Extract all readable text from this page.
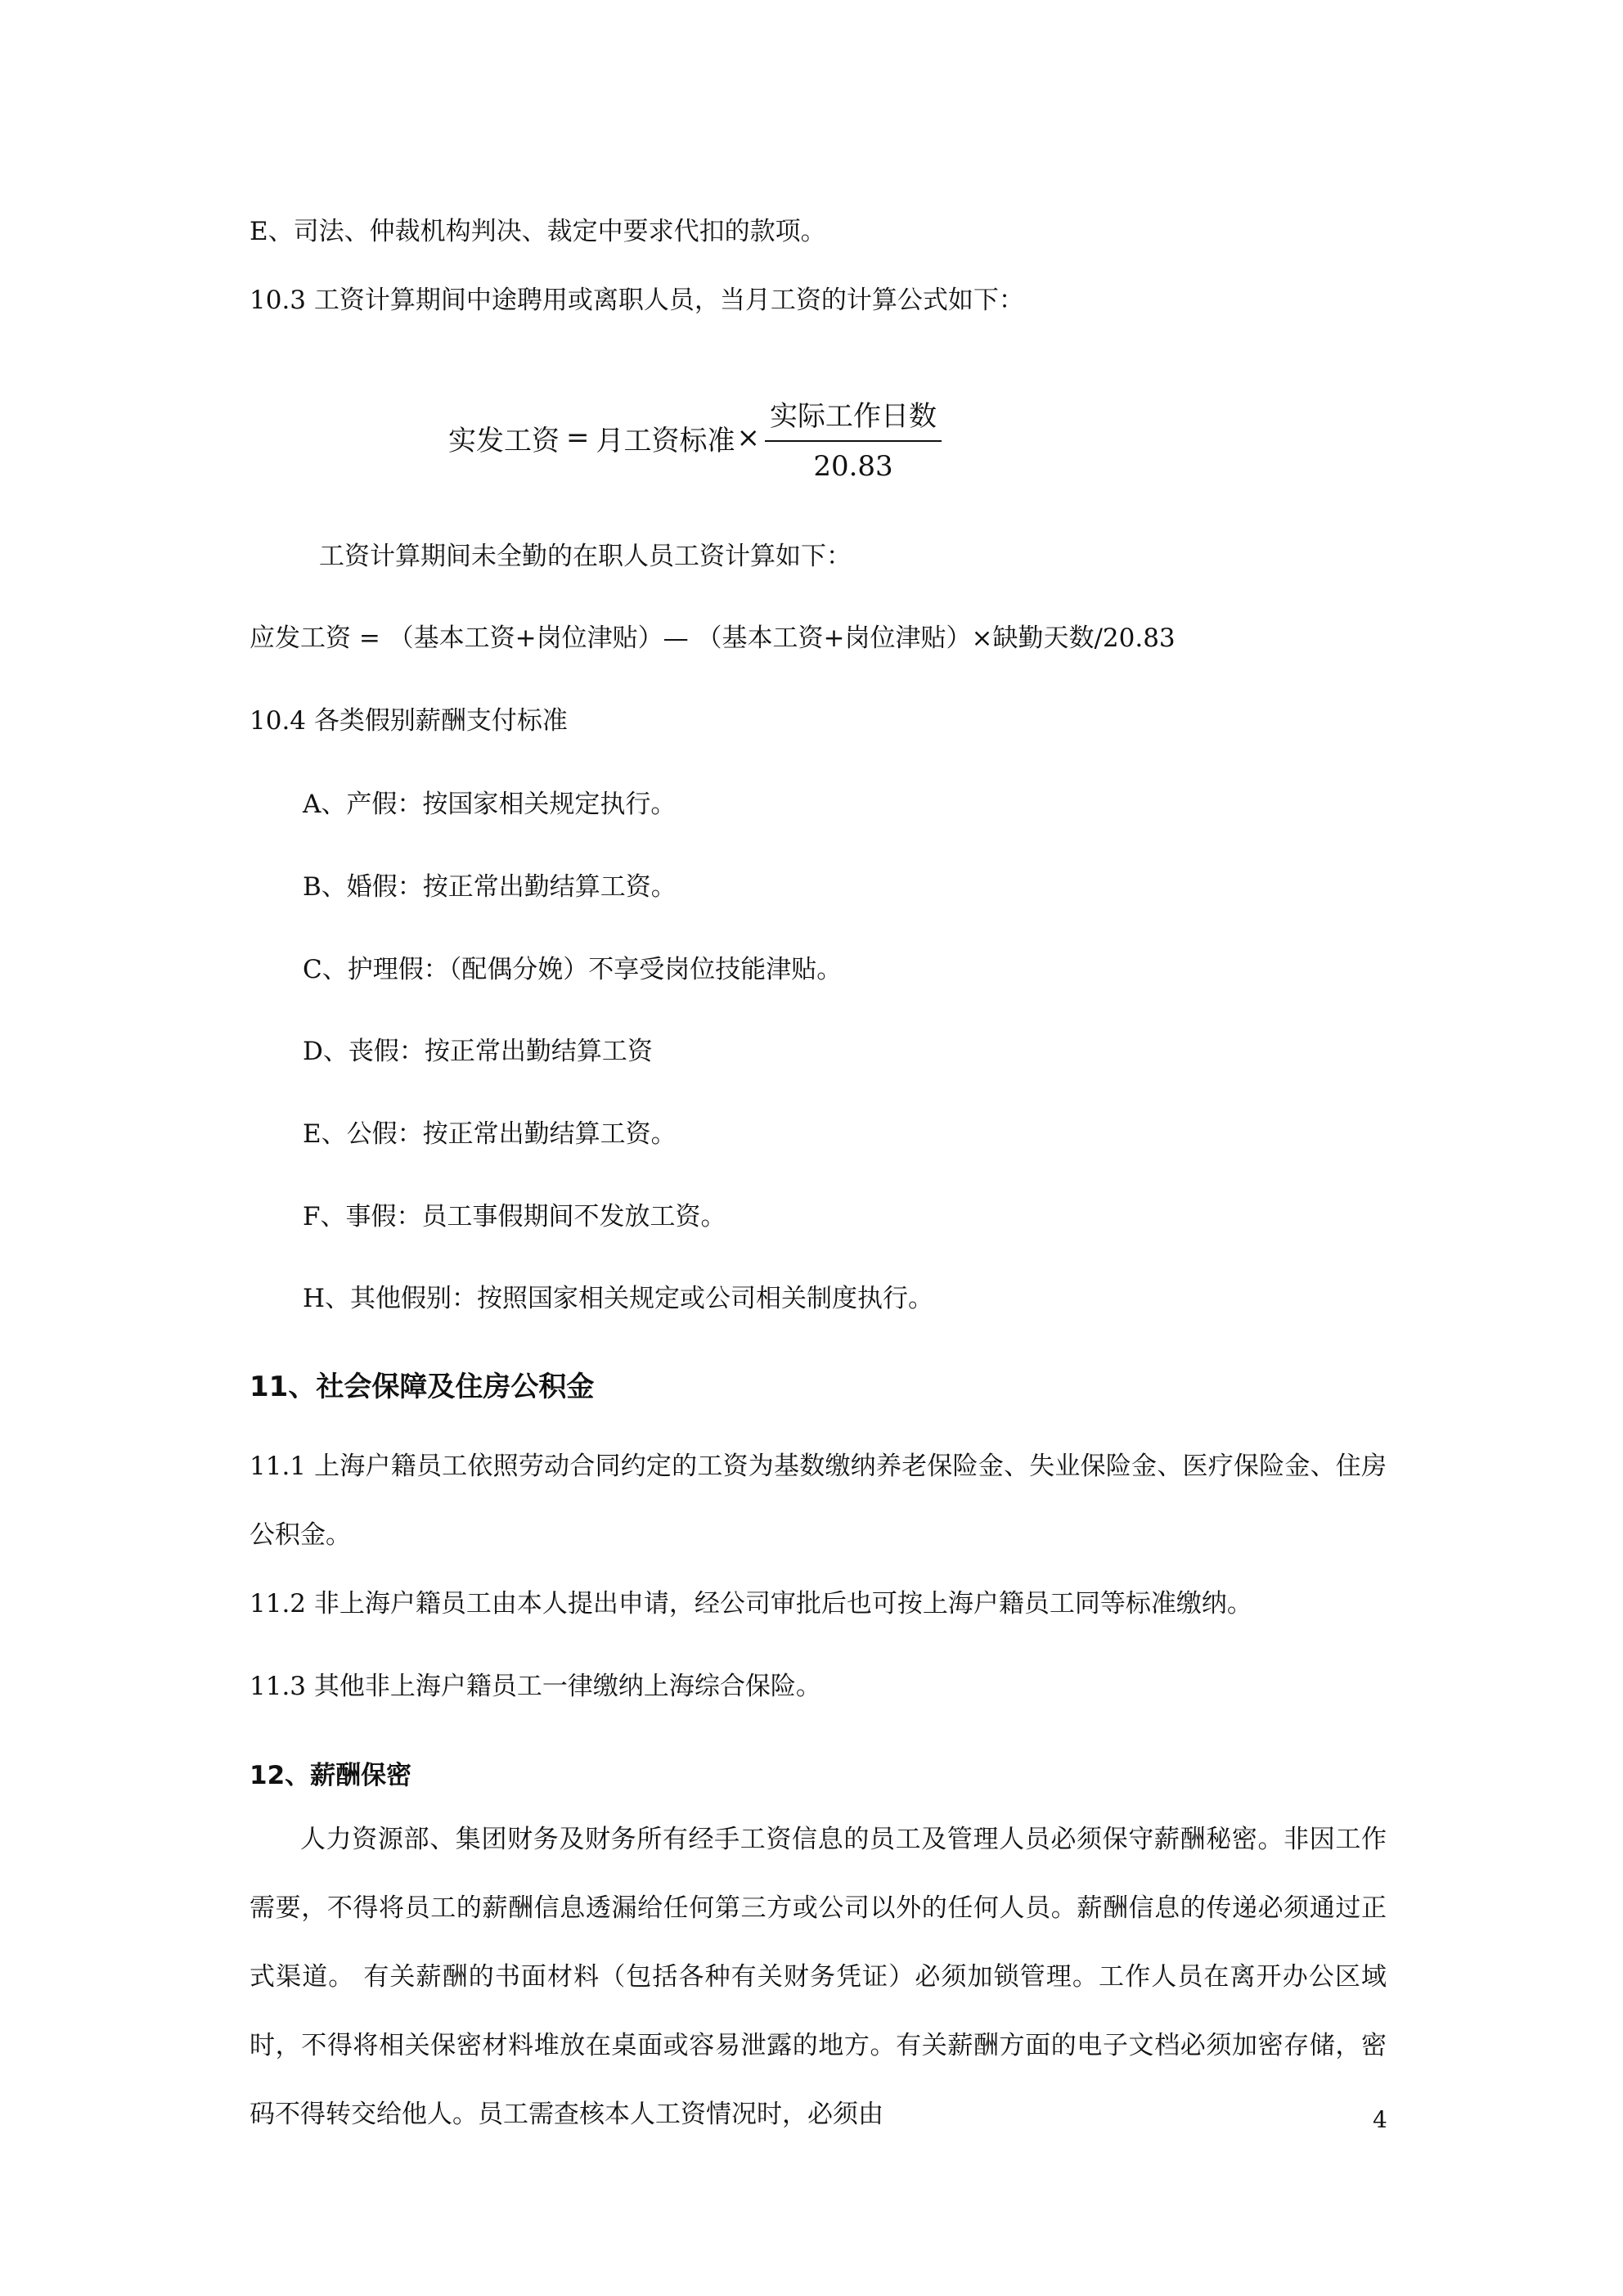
E、司法、仲裁机构判决、裁定中要求代扣的款项。
10.3 工资计算期间中途聘用或离职人员，当月工资的计算公式如下：
实发工资 = 月工资标准 × $\frac{\text{实际工作日数}}{20.83}$
工资计算期间未全勤的在职人员工资计算如下：
应发工资 = （基本工资+岗位津贴）— （基本工资+岗位津贴）×缺勤天数/20.83
10.4 各类假别薪酬支付标准
A、产假：按国家相关规定执行。
B、婚假：按正常出勤结算工资。
C、护理假：（配偶分娩）不享受岗位技能津贴。
D、丧假：按正常出勤结算工资
E、公假：按正常出勤结算工资。
F、事假：员工事假期间不发放工资。
H、其他假别：按照国家相关规定或公司相关制度执行。
11、社会保障及住房公积金
11.1 上海户籍员工依照劳动合同约定的工资为基数缴纳养老保险金、失业保险金、医疗保险金、住房公积金。
11.2 非上海户籍员工由本人提出申请，经公司审批后也可按上海户籍员工同等标准缴纳。
11.3 其他非上海户籍员工一律缴纳上海综合保险。
12、薪酬保密
人力资源部、集团财务及财务所有经手工资信息的员工及管理人员必须保守薪酬秘密。非因工作需要，不得将员工的薪酬信息透漏给任何第三方或公司以外的任何人员。薪酬信息的传递必须通过正式渠道。 有关薪酬的书面材料（包括各种有关财务凭证）必须加锁管理。工作人员在离开办公区域时，不得将相关保密材料堆放在桌面或容易泄露的地方。有关薪酬方面的电子文档必须加密存储，密码不得转交给他人。员工需查核本人工资情况时，必须由	4
